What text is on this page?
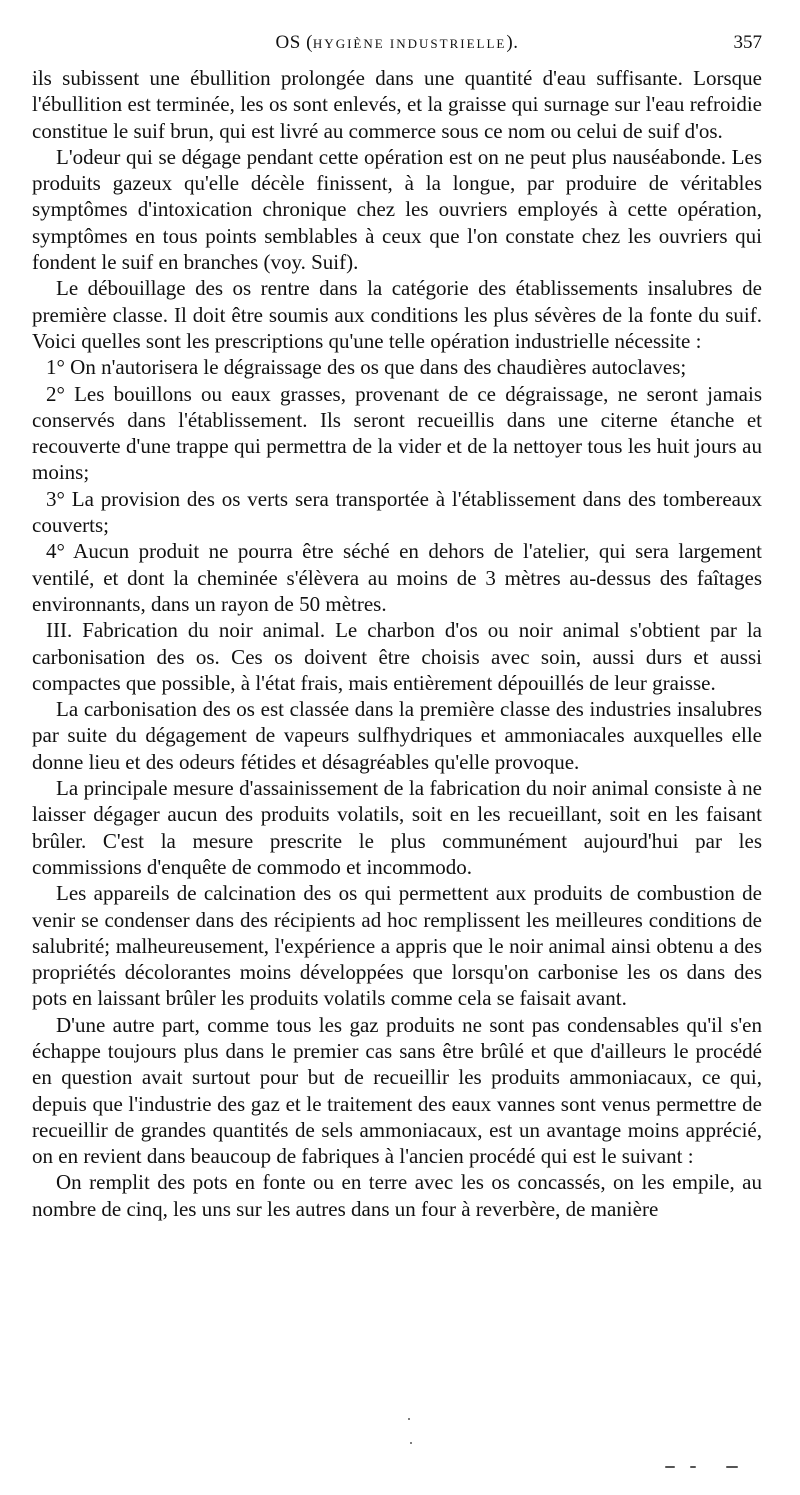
OS (HYGIÈNE INDUSTRIELLE).	357

ils subissent une ébullition prolongée dans une quantité d'eau suffisante. Lorsque l'ébullition est terminée, les os sont enlevés, et la graisse qui surnage sur l'eau refroidie constitue le suif brun, qui est livré au commerce sous ce nom ou celui de suif d'os.

L'odeur qui se dégage pendant cette opération est on ne peut plus nauséabonde. Les produits gazeux qu'elle décèle finissent, à la longue, par produire de véritables symptômes d'intoxication chronique chez les ouvriers employés à cette opération, symptômes en tous points semblables à ceux que l'on constate chez les ouvriers qui fondent le suif en branches (voy. Suif).

Le débouillage des os rentre dans la catégorie des établissements insalubres de première classe. Il doit être soumis aux conditions les plus sévères de la fonte du suif. Voici quelles sont les prescriptions qu'une telle opération industrielle nécessite :

1° On n'autorisera le dégraissage des os que dans des chaudières autoclaves;

2° Les bouillons ou eaux grasses, provenant de ce dégraissage, ne seront jamais conservés dans l'établissement. Ils seront recueillis dans une citerne étanche et recouverte d'une trappe qui permettra de la vider et de la nettoyer tous les huit jours au moins;

3° La provision des os verts sera transportée à l'établissement dans des tombereaux couverts;

4° Aucun produit ne pourra être séché en dehors de l'atelier, qui sera largement ventilé, et dont la cheminée s'élèvera au moins de 3 mètres au-dessus des faîtages environnants, dans un rayon de 50 mètres.

III. Fabrication du noir animal. Le charbon d'os ou noir animal s'obtient par la carbonisation des os. Ces os doivent être choisis avec soin, aussi durs et aussi compactes que possible, à l'état frais, mais entièrement dépouillés de leur graisse.

La carbonisation des os est classée dans la première classe des industries insalubres par suite du dégagement de vapeurs sulfhydriques et ammoniacales auxquelles elle donne lieu et des odeurs fétides et désagréables qu'elle provoque.

La principale mesure d'assainissement de la fabrication du noir animal consiste à ne laisser dégager aucun des produits volatils, soit en les recueillant, soit en les faisant brûler. C'est la mesure prescrite le plus communément aujourd'hui par les commissions d'enquête de commodo et incommodo.

Les appareils de calcination des os qui permettent aux produits de combustion de venir se condenser dans des récipients ad hoc remplissent les meilleures conditions de salubrité; malheureusement, l'expérience a appris que le noir animal ainsi obtenu a des propriétés décolorantes moins développées que lorsqu'on carbonise les os dans des pots en laissant brûler les produits volatils comme cela se faisait avant.

D'une autre part, comme tous les gaz produits ne sont pas condensables qu'il s'en échappe toujours plus dans le premier cas sans être brûlé et que d'ailleurs le procédé en question avait surtout pour but de recueillir les produits ammoniacaux, ce qui, depuis que l'industrie des gaz et le traitement des eaux vannes sont venus permettre de recueillir de grandes quantités de sels ammoniacaux, est un avantage moins apprécié, on en revient dans beaucoup de fabriques à l'ancien procédé qui est le suivant :

On remplit des pots en fonte ou en terre avec les os concassés, on les empile, au nombre de cinq, les uns sur les autres dans un four à reverbère, de manière
